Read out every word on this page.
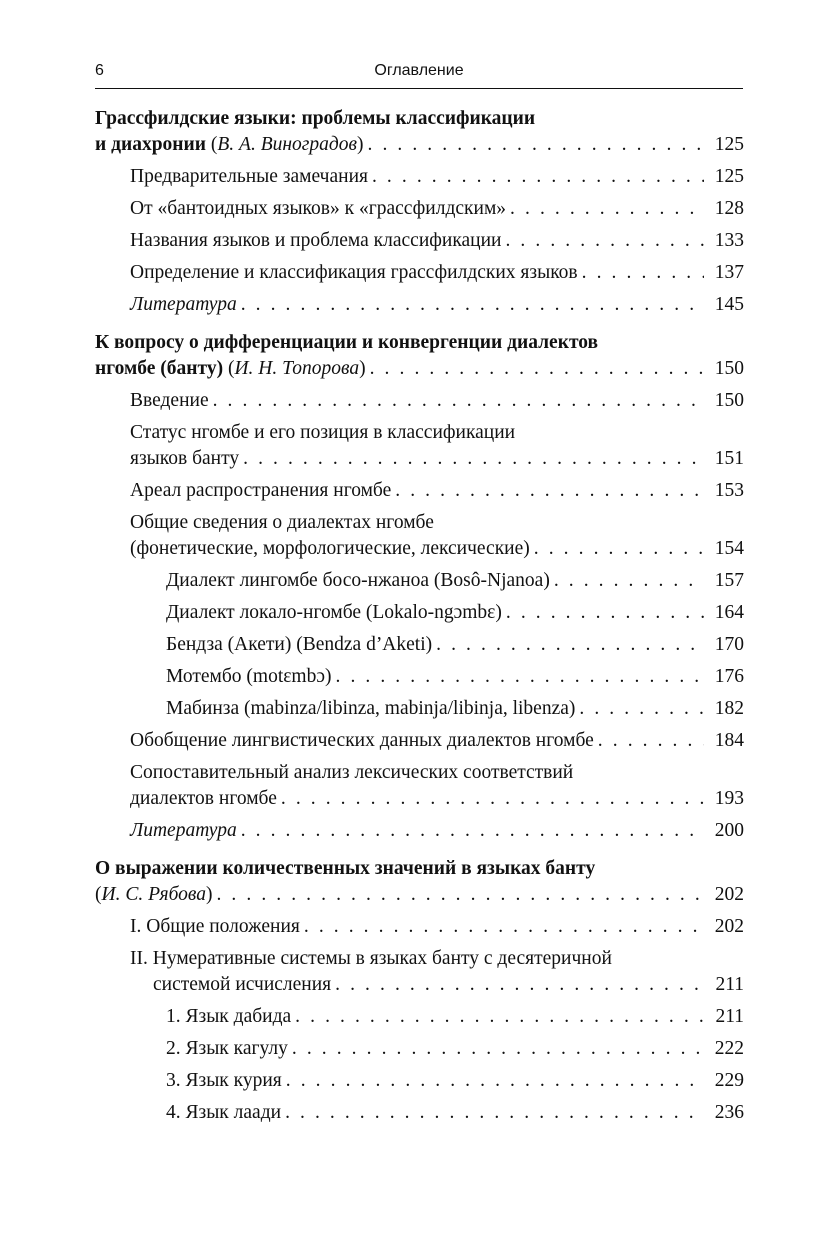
6	Оглавление
Грассфилдские языки: проблемы классификации
и диахронии (В. А. Виноградов) . . .	125
Предварительные замечания . . .	125
От «бантоидных языков» к «грассфилдским» . . .	128
Названия языков и проблема классификации . . .	133
Определение и классификация грассфилдских языков . . .	137
Литература . . .	145
К вопросу о дифференциации и конвергенции диалектов
нгомбе (банту) (И. Н. Топорова) . . .	150
Введение . . .	150
Статус нгомбе и его позиция в классификации
языков банту . . .	151
Ареал распространения нгомбе . . .	153
Общие сведения о диалектах нгомбе
(фонетические, морфологические, лексические) . . .	154
Диалект лингомбе босо-нжаноа (Bosô-Njanoa) . . .	157
Диалект локало-нгомбе (Lokalo-ngɔmbɛ) . . .	164
Бендза (Акети) (Bendza d’Aketi) . . .	170
Мотембо (motɛmbɔ) . . .	176
Мабинза (mabinza/libinza, mabinja/libinja, libenza) . . .	182
Обобщение лингвистических данных диалектов нгомбе . . .	184
Сопоставительный анализ лексических соответствий
диалектов нгомбе . . .	193
Литература . . .	200
О выражении количественных значений в языках банту
(И. С. Рябова) . . .	202
I. Общие положения . . .	202
II. Нумеративные системы в языках банту с десятеричной
системой исчисления . . .	211
1. Язык дабида . . .	211
2. Язык кагулу . . .	222
3. Язык курия . . .	229
4. Язык лаади . . .	236
